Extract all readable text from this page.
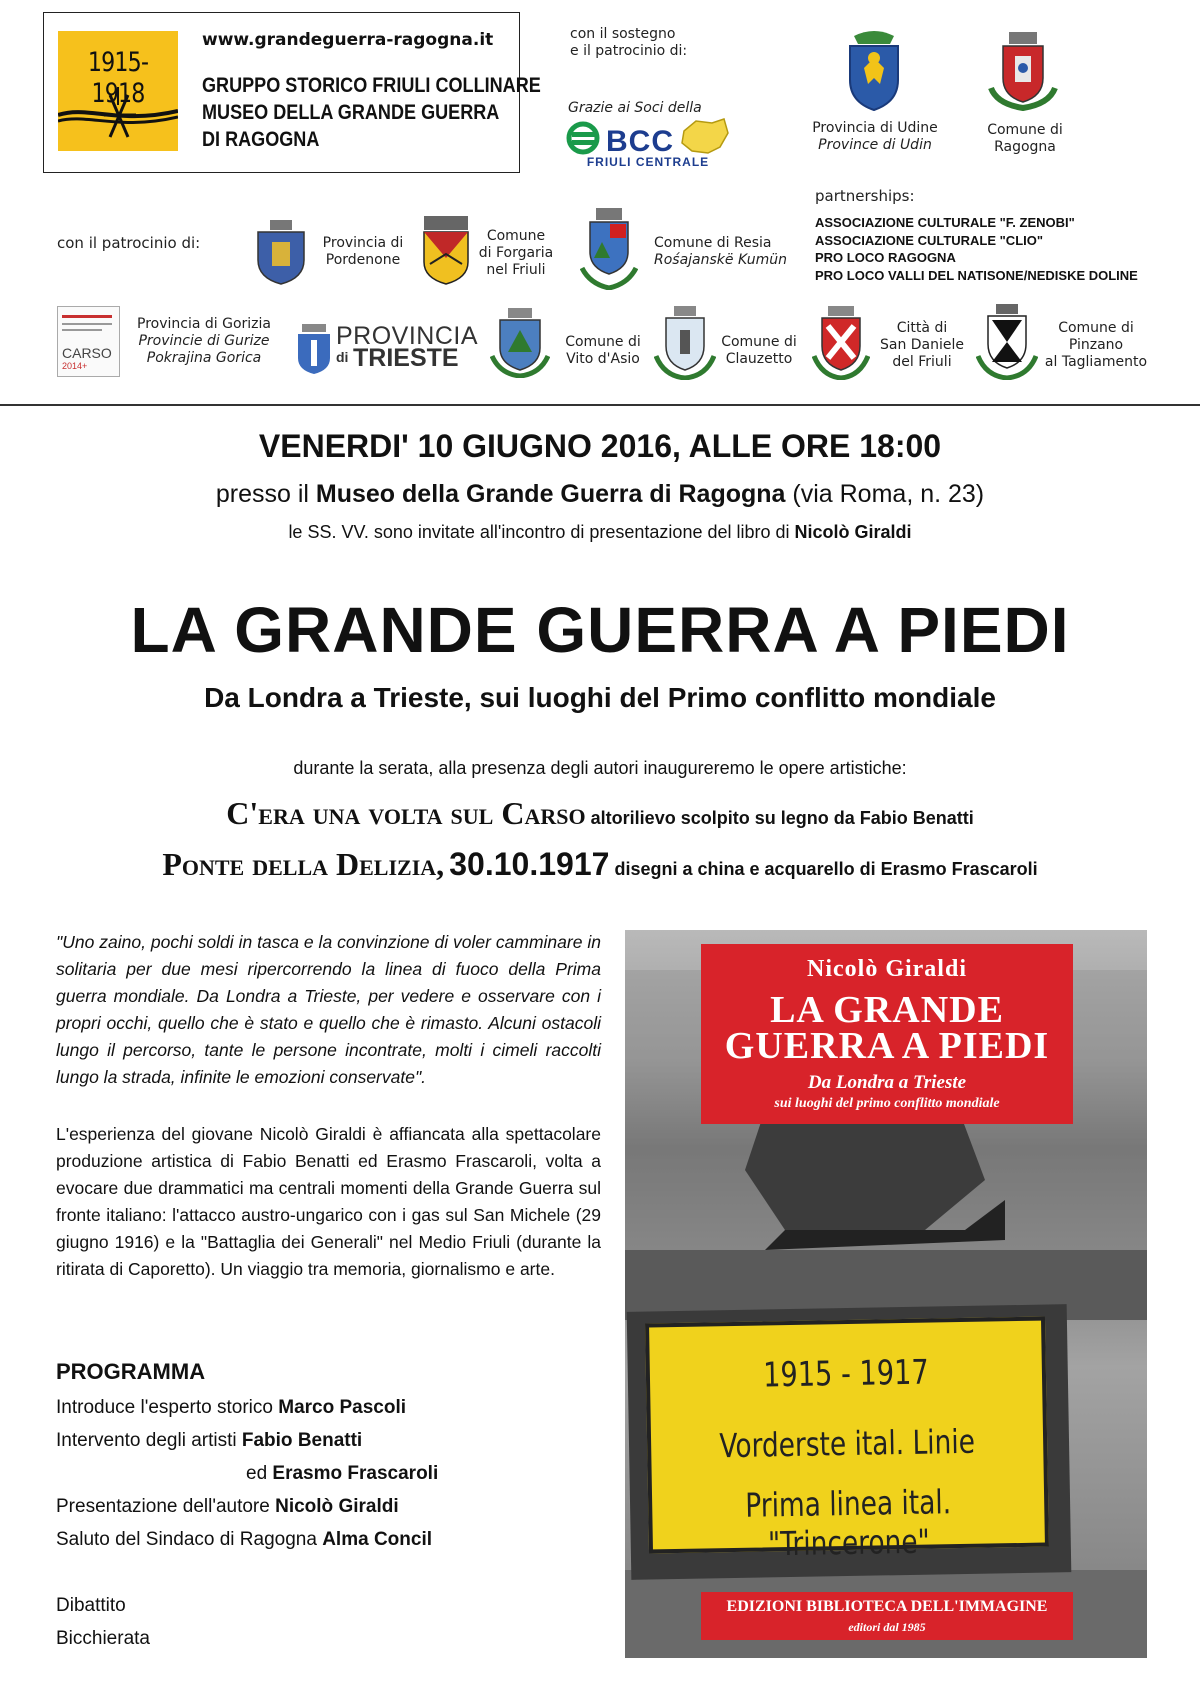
1915-1918
www.grandeguerra-ragogna.it
GRUPPO STORICO FRIULI COLLINARE
MUSEO DELLA GRANDE GUERRA
DI RAGOGNA
con il sostegno
e il patrocinio di:
Grazie ai Soci della
BCC
FRIULI CENTRALE
Provincia di Udine
Province di Udin
Comune di
Ragogna
partnerships:
ASSOCIAZIONE CULTURALE "F. ZENOBI"
ASSOCIAZIONE CULTURALE "CLIO"
PRO LOCO RAGOGNA
PRO LOCO VALLI DEL NATISONE/NEDISKE DOLINE
con il patrocinio di:	Provincia di
Pordenone
Comune
di Forgaria
nel Friuli
Comune di Resia
Rośajanskë Kumün
CARSO
2014+
Provincia di Gorizia
Provincie di Gurize
Pokrajina Gorica
PROVINCIA
di TRIESTE
Comune di
Vito d'Asio
Comune di
Clauzetto
Città di
San Daniele
del Friuli
Comune di
Pinzano
al Tagliamento
VENERDI' 10 GIUGNO 2016, ALLE ORE 18:00
presso il Museo della Grande Guerra di Ragogna (via Roma, n. 23)
le SS. VV. sono invitate all'incontro di presentazione del libro di Nicolò Giraldi
LA GRANDE GUERRA A PIEDI
Da Londra a Trieste, sui luoghi del Primo conflitto mondiale
durante la serata, alla presenza degli autori inaugureremo le opere artistiche:
C'era una volta sul Carso altorilievo scolpito su legno da Fabio Benatti
Ponte della Delizia, 30.10.1917 disegni a china e acquarello di Erasmo Frascaroli
"Uno zaino, pochi soldi in tasca e la convinzione di voler camminare in solitaria per due mesi ripercorrendo la linea di fuoco della Prima guerra mondiale. Da Londra a Trieste, per vedere e osservare con i propri occhi, quello che è stato e quello che è rimasto. Alcuni ostacoli lungo il percorso, tante le persone incontrate, molti i cimeli raccolti lungo la strada, infinite le emozioni conservate".
L'esperienza del giovane Nicolò Giraldi è affiancata alla spettacolare produzione artistica di Fabio Benatti ed Erasmo Frascaroli, volta a evocare due drammatici ma centrali momenti della Grande Guerra sul fronte italiano: l'attacco austro-ungarico con i gas sul San Michele (29 giugno 1916) e la "Battaglia dei Generali" nel Medio Friuli (durante la ritirata di Caporetto). Un viaggio tra memoria, giornalismo e arte.
PROGRAMMA
Introduce l'esperto storico Marco Pascoli
Intervento degli artisti Fabio Benatti
ed Erasmo Frascaroli
Presentazione dell'autore Nicolò Giraldi
Saluto del Sindaco di Ragogna Alma Concil
Dibattito
Bicchierata
Nicolò Giraldi
LA GRANDE
GUERRA A PIEDI
Da Londra a Trieste
sui luoghi del primo conflitto mondiale
1915 - 1917
Vorderste ital. Linie
Prima linea ital. "Trincerone"
EDIZIONI BIBLIOTECA DELL'IMMAGINE
editori dal 1985
